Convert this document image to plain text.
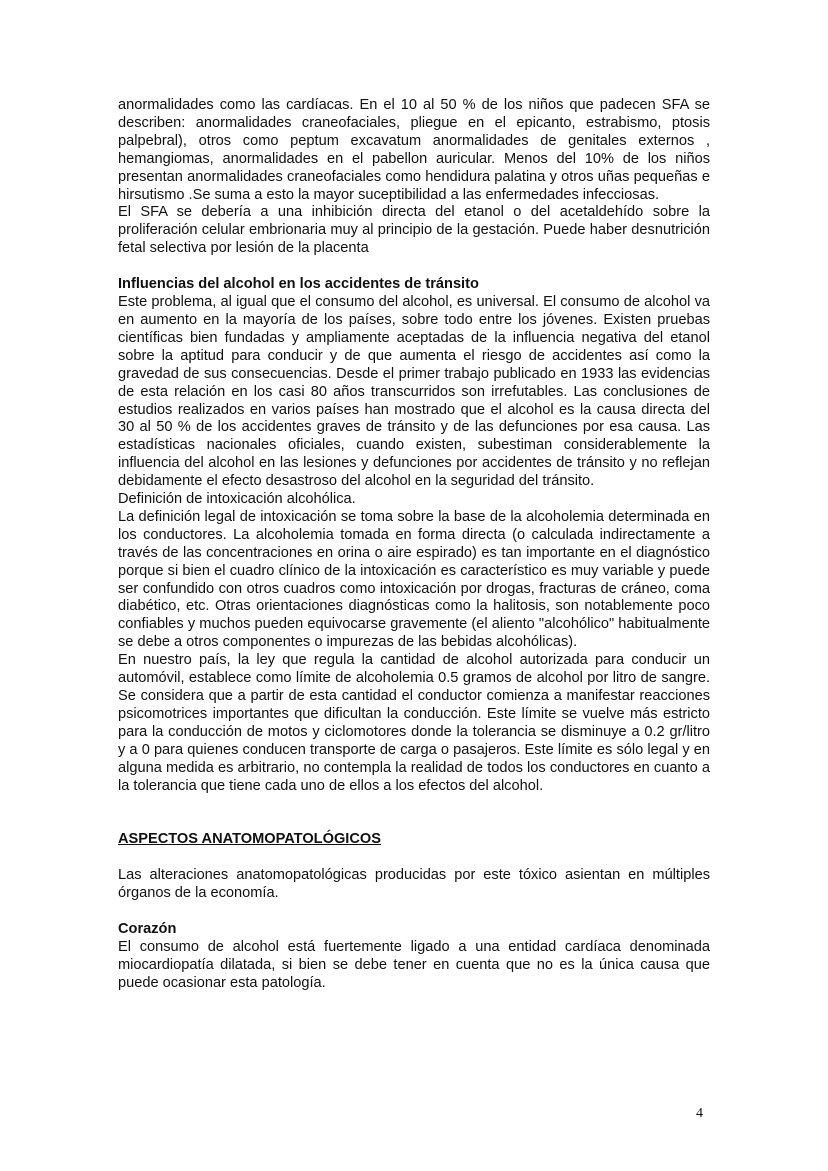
anormalidades como las cardíacas. En el 10 al 50 % de los niños que padecen SFA se describen: anormalidades craneofaciales, pliegue en el epicanto, estrabismo, ptosis palpebral), otros como peptum excavatum anormalidades de genitales externos , hemangiomas, anormalidades en el pabellon auricular. Menos del 10% de los niños presentan anormalidades craneofaciales como hendidura palatina y otros uñas pequeñas e hirsutismo .Se suma a esto la mayor suceptibilidad a las enfermedades infecciosas.

El SFA se debería a una inhibición directa del etanol o del acetaldehído sobre la proliferación celular embrionaria muy al principio de la gestación. Puede haber desnutrición fetal selectiva por lesión de la placenta

Influencias del alcohol en los accidentes de tránsito

Este problema, al igual que el consumo del alcohol, es universal. El consumo de alcohol va en aumento en la mayoría de los países, sobre todo entre los jóvenes. Existen pruebas científicas bien fundadas y ampliamente aceptadas de la influencia negativa del etanol sobre la aptitud para conducir y de que aumenta el riesgo de accidentes así como la gravedad de sus consecuencias. Desde el primer trabajo publicado en 1933 las evidencias de esta relación en los casi 80 años transcurridos son irrefutables. Las conclusiones de estudios realizados en varios países han mostrado que el alcohol es la causa directa del 30 al 50 % de los accidentes graves de tránsito y de las defunciones por esa causa. Las estadísticas nacionales oficiales, cuando existen, subestiman considerablemente la influencia del alcohol en las lesiones y defunciones por accidentes de tránsito y no reflejan debidamente el efecto desastroso del alcohol en la seguridad del tránsito.

Definición de intoxicación alcohólica.

La definición legal de intoxicación se toma sobre la base de la alcoholemia determinada en los conductores. La alcoholemia tomada en forma directa (o calculada indirectamente a través de las concentraciones en orina o aire espirado) es tan importante en el diagnóstico porque si bien el cuadro clínico de la intoxicación es característico es muy variable y puede ser confundido con otros cuadros como intoxicación por drogas, fracturas de cráneo, coma diabético, etc. Otras orientaciones diagnósticas como la halitosis, son notablemente poco confiables y muchos pueden equivocarse gravemente (el aliento "alcohólico" habitualmente se debe a otros componentes o impurezas de las bebidas alcohólicas).

En nuestro país, la ley que regula la cantidad de alcohol autorizada para conducir un automóvil, establece como límite de alcoholemia 0.5 gramos de alcohol por litro de sangre. Se considera que a partir de esta cantidad el conductor comienza a manifestar reacciones psicomotrices importantes que dificultan la conducción. Este límite se vuelve más estricto para la conducción de motos y ciclomotores donde la tolerancia se disminuye a 0.2 gr/litro y a 0 para quienes conducen transporte de carga o pasajeros. Este límite es sólo legal y en alguna medida es arbitrario, no contempla la realidad de todos los conductores en cuanto a la tolerancia que tiene cada uno de ellos a los efectos del alcohol.

ASPECTOS ANATOMOPATOLÓGICOS

Las alteraciones anatomopatológicas producidas por este tóxico asientan en múltiples órganos de la economía.

Corazón

El consumo de alcohol está fuertemente ligado a una entidad cardíaca denominada miocardiopatía dilatada, si bien se debe tener en cuenta que no es la única causa que puede ocasionar esta patología.

4
